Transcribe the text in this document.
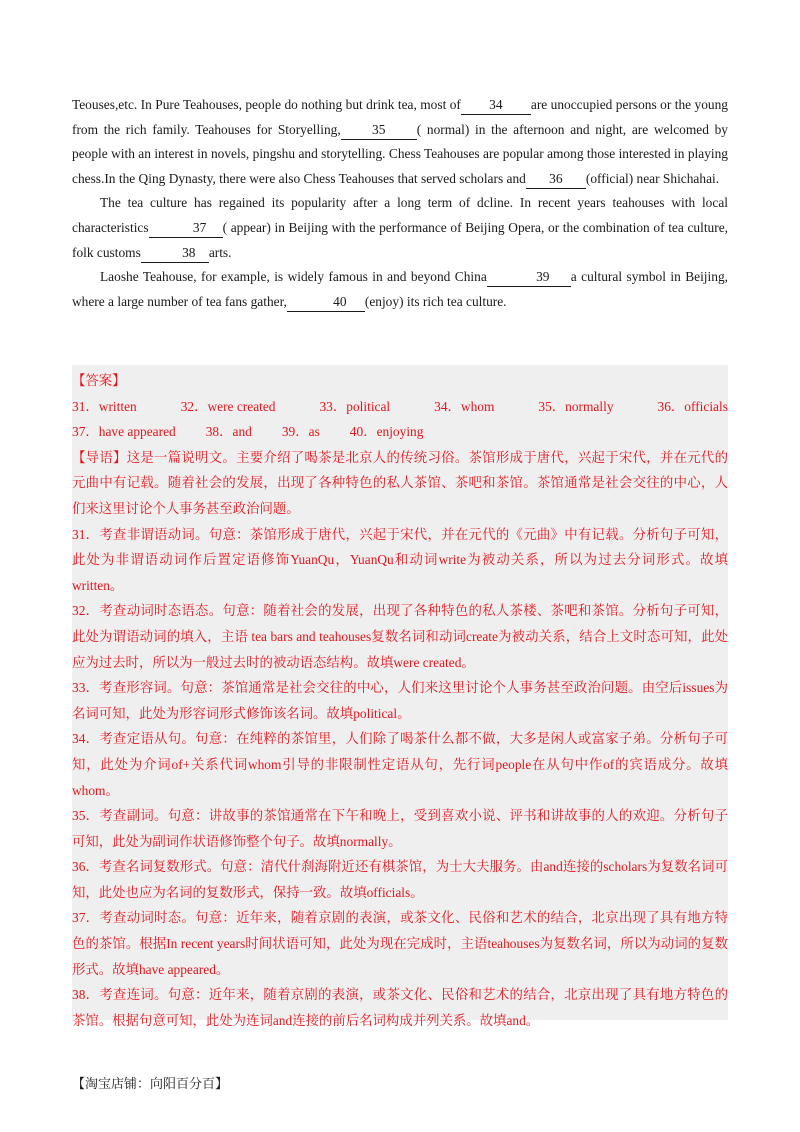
Teouses,etc. In Pure Teahouses, people do nothing but drink tea, most of 34 are unoccupied persons or the young from the rich family. Teahouses for Storyelling, 35 ( normal) in the afternoon and night, are welcomed by people with an interest in novels, pingshu and storytelling. Chess Teahouses are popular among those interested in playing chess.In the Qing Dynasty, there were also Chess Teahouses that served scholars and 36 (official) near Shichahai.

The tea culture has regained its popularity after a long term of dcline. In recent years teahouses with local characteristics	37 ( appear) in Beijing with the performance of Beijing Opera, or the combination of tea culture, folk customs	38 arts.

Laoshe Teahouse, for example, is widely famous in and beyond China	39 a cultural symbol in Beijing, where a large number of tea fans gather,	40 (enjoy) its rich tea culture.

【答案】

31．written	32．were created	33．political	34．whom	35．normally	36．officials
37．have appeared 38．and 39．as 40．enjoying

【导语】这是一篇说明文。主要介绍了喝茶是北京人的传统习俗。茶馆形成于唐代，兴起于宋代，并在元代的元曲中有记载。随着社会的发展，出现了各种特色的私人茶馆、茶吧和茶馆。茶馆通常是社会交往的中心，人们来这里讨论个人事务甚至政治问题。

31．考查非谓语动词。句意：茶馆形成于唐代，兴起于宋代，并在元代的《元曲》中有记载。分析句子可知，此处为非谓语动词作后置定语修饰YuanQu，YuanQu和动词write为被动关系，所以为过去分词形式。故填written。

32．考查动词时态语态。句意：随着社会的发展，出现了各种特色的私人茶楼、茶吧和茶馆。分析句子可知，此处为谓语动词的填入，主语 tea bars and teahouses复数名词和动词create为被动关系，结合上文时态可知，此处应为过去时，所以为一般过去时的被动语态结构。故填were created。

33．考查形容词。句意：茶馆通常是社会交往的中心，人们来这里讨论个人事务甚至政治问题。由空后issues为名词可知，此处为形容词形式修饰该名词。故填political。

34．考查定语从句。句意：在纯粹的茶馆里，人们除了喝茶什么都不做，大多是闲人或富家子弟。分析句子可知，此处为介词of+关系代词whom引导的非限制性定语从句，先行词people在从句中作of的宾语成分。故填whom。

35．考查副词。句意：讲故事的茶馆通常在下午和晚上，受到喜欢小说、评书和讲故事的人的欢迎。分析句子可知，此处为副词作状语修饰整个句子。故填normally。

36．考查名词复数形式。句意：清代什刹海附近还有棋茶馆，为士大夫服务。由and连接的scholars为复数名词可知，此处也应为名词的复数形式，保持一致。故填officials。

37．考查动词时态。句意：近年来，随着京剧的表演，或茶文化、民俗和艺术的结合，北京出现了具有地方特色的茶馆。根据In recent years时间状语可知，此处为现在完成时，主语teahouses为复数名词，所以为动词的复数形式。故填have appeared。

38．考查连词。句意：近年来，随着京剧的表演，或茶文化、民俗和艺术的结合，北京出现了具有地方特色的茶馆。根据句意可知，此处为连词and连接的前后名词构成并列关系。故填and。

【淘宝店铺：向阳百分百】
